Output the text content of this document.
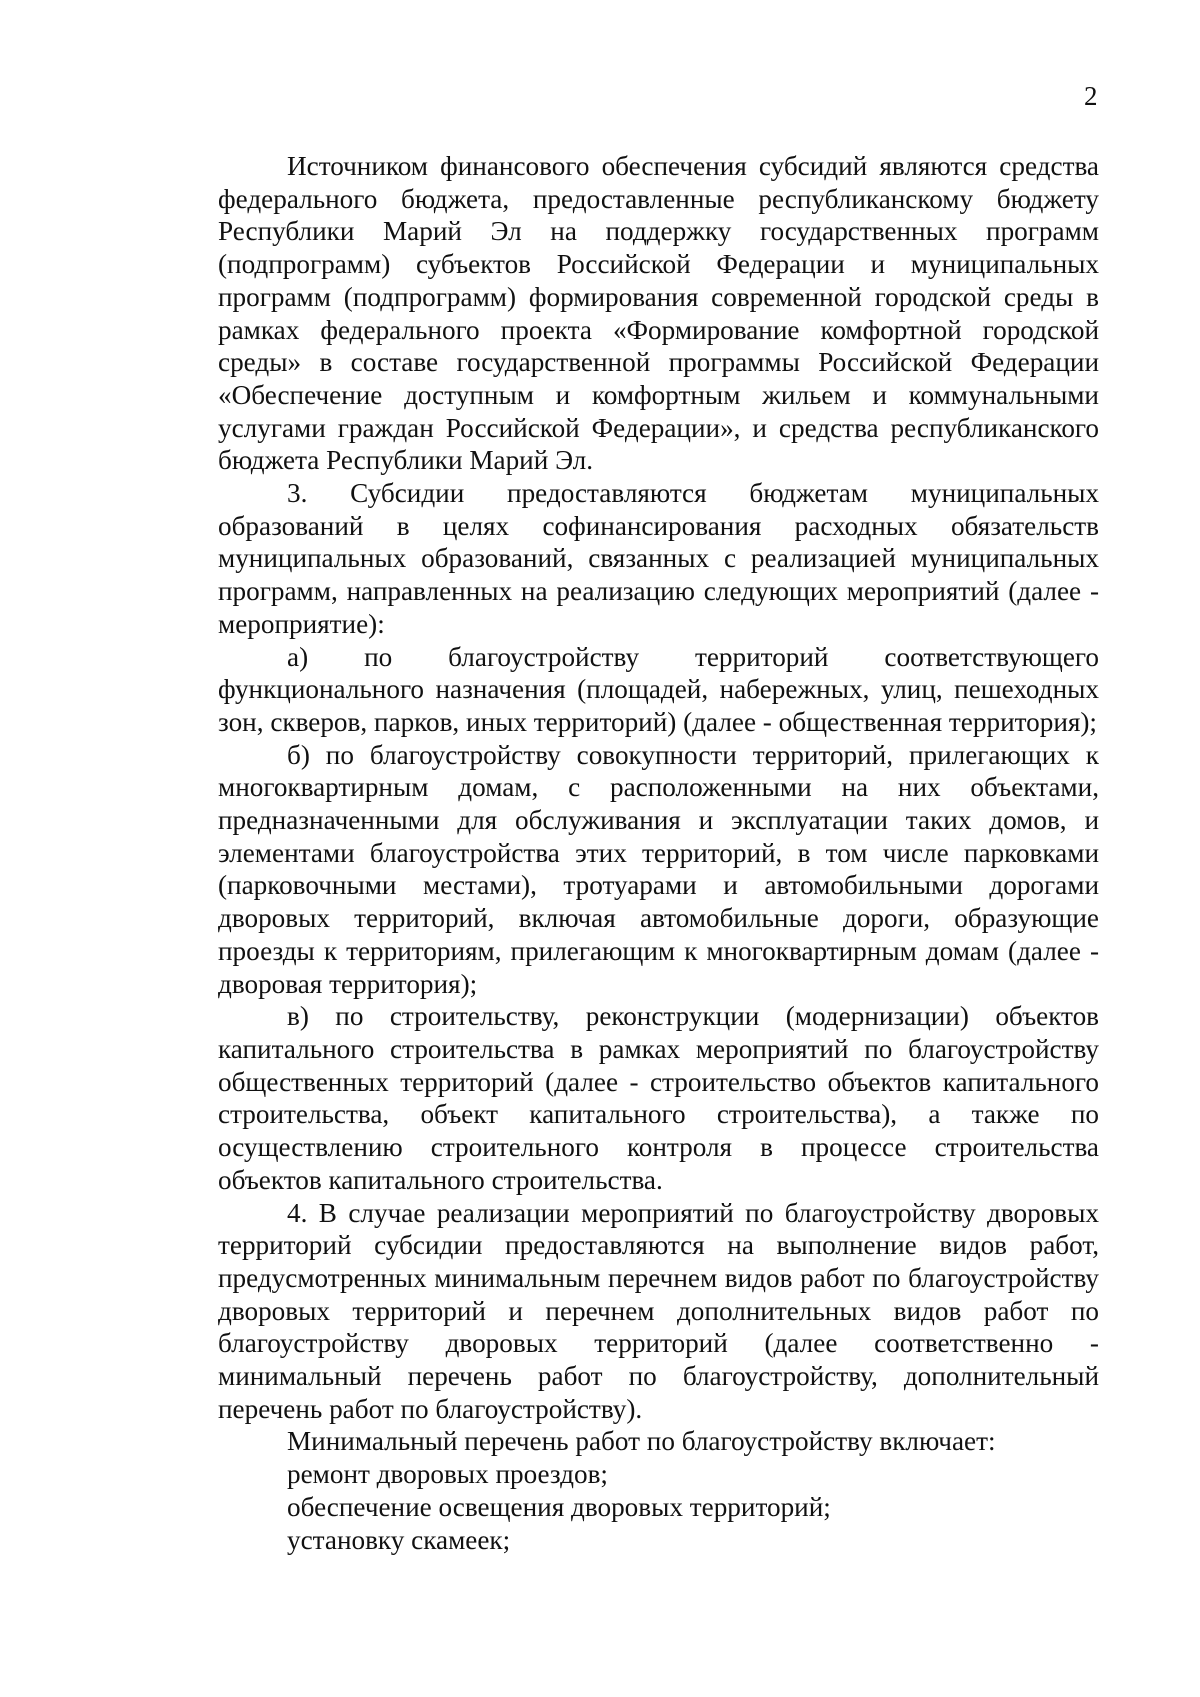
2

Источником финансового обеспечения субсидий являются средства федерального бюджета, предоставленные республиканскому бюджету Республики Марий Эл на поддержку государственных программ (подпрограмм) субъектов Российской Федерации и муниципальных программ (подпрограмм) формирования современной городской среды в рамках федерального проекта «Формирование комфортной городской среды» в составе государственной программы Российской Федерации «Обеспечение доступным и комфортным жильем и коммунальными услугами граждан Российской Федерации», и средства республиканского бюджета Республики Марий Эл.

3. Субсидии предоставляются бюджетам муниципальных образований в целях софинансирования расходных обязательств муниципальных образований, связанных с реализацией муниципальных программ, направленных на реализацию следующих мероприятий (далее - мероприятие):

а) по благоустройству территорий соответствующего функционального назначения (площадей, набережных, улиц, пешеходных зон, скверов, парков, иных территорий) (далее - общественная территория);

б) по благоустройству совокупности территорий, прилегающих к многоквартирным домам, с расположенными на них объектами, предназначенными для обслуживания и эксплуатации таких домов, и элементами благоустройства этих территорий, в том числе парковками (парковочными местами), тротуарами и автомобильными дорогами дворовых территорий, включая автомобильные дороги, образующие проезды к территориям, прилегающим к многоквартирным домам (далее - дворовая территория);

в) по строительству, реконструкции (модернизации) объектов капитального строительства в рамках мероприятий по благоустройству общественных территорий (далее - строительство объектов капитального строительства, объект капитального строительства), а также по осуществлению строительного контроля в процессе строительства объектов капитального строительства.

4. В случае реализации мероприятий по благоустройству дворовых территорий субсидии предоставляются на выполнение видов работ, предусмотренных минимальным перечнем видов работ по благоустройству дворовых территорий и перечнем дополнительных видов работ по благоустройству дворовых территорий (далее соответственно - минимальный перечень работ по благоустройству, дополнительный перечень работ по благоустройству).

Минимальный перечень работ по благоустройству включает:

ремонт дворовых проездов;

обеспечение освещения дворовых территорий;

установку скамеек;
